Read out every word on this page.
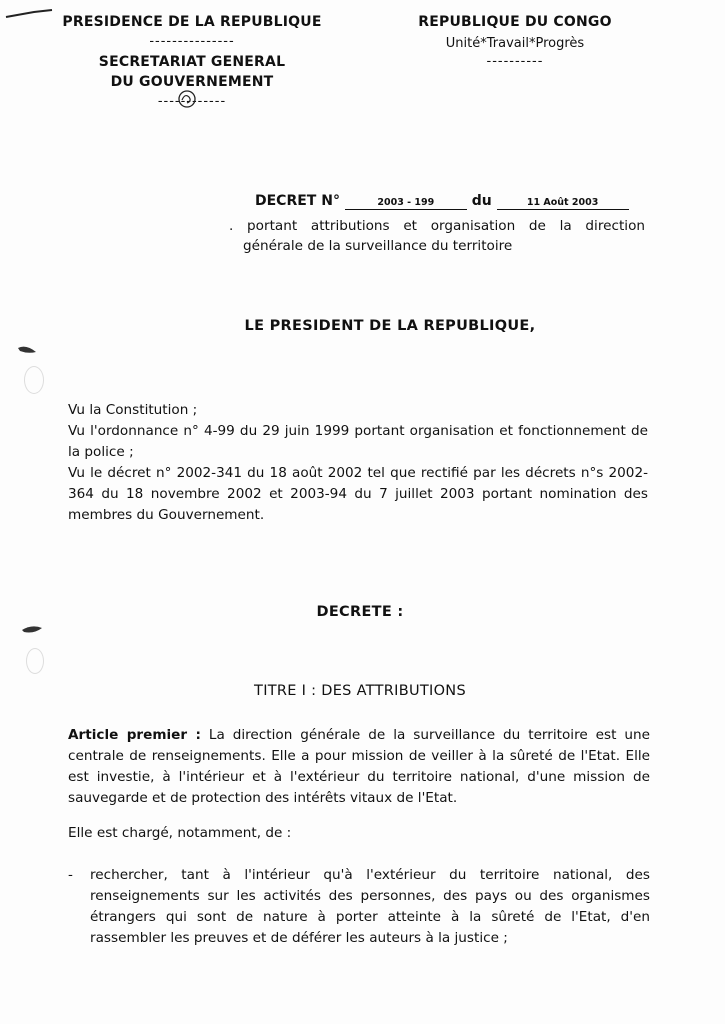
PRESIDENCE DE LA REPUBLIQUE
---------------
SECRETARIAT GENERAL
DU GOUVERNEMENT
------------
REPUBLIQUE DU CONGO
Unité*Travail*Progrès
----------
DECRET N°	2003 - 199	du	11 Août 2003
. portant attributions et organisation de la direction
générale de la surveillance du territoire
LE PRESIDENT DE LA REPUBLIQUE,
Vu la Constitution ;
Vu l'ordonnance n° 4-99 du 29 juin 1999 portant organisation et fonctionnement de la police ;
Vu le décret n° 2002-341 du 18 août 2002 tel que rectifié par les décrets n°s 2002-364 du 18 novembre 2002 et 2003-94 du 7 juillet 2003 portant nomination des membres du Gouvernement.
DECRETE :
TITRE I : DES ATTRIBUTIONS
Article premier : La direction générale de la surveillance du territoire est une centrale de renseignements. Elle a pour mission de veiller à la sûreté de l'Etat. Elle est investie, à l'intérieur et à l'extérieur du territoire national, d'une mission de sauvegarde et de protection des intérêts vitaux de l'Etat.
Elle est chargé, notamment, de :
-	rechercher, tant à l'intérieur qu'à l'extérieur du territoire national, des renseignements sur les activités des personnes, des pays ou des organismes étrangers qui sont de nature à porter atteinte à la sûreté de l'Etat, d'en rassembler les preuves et de déférer les auteurs à la justice ;
